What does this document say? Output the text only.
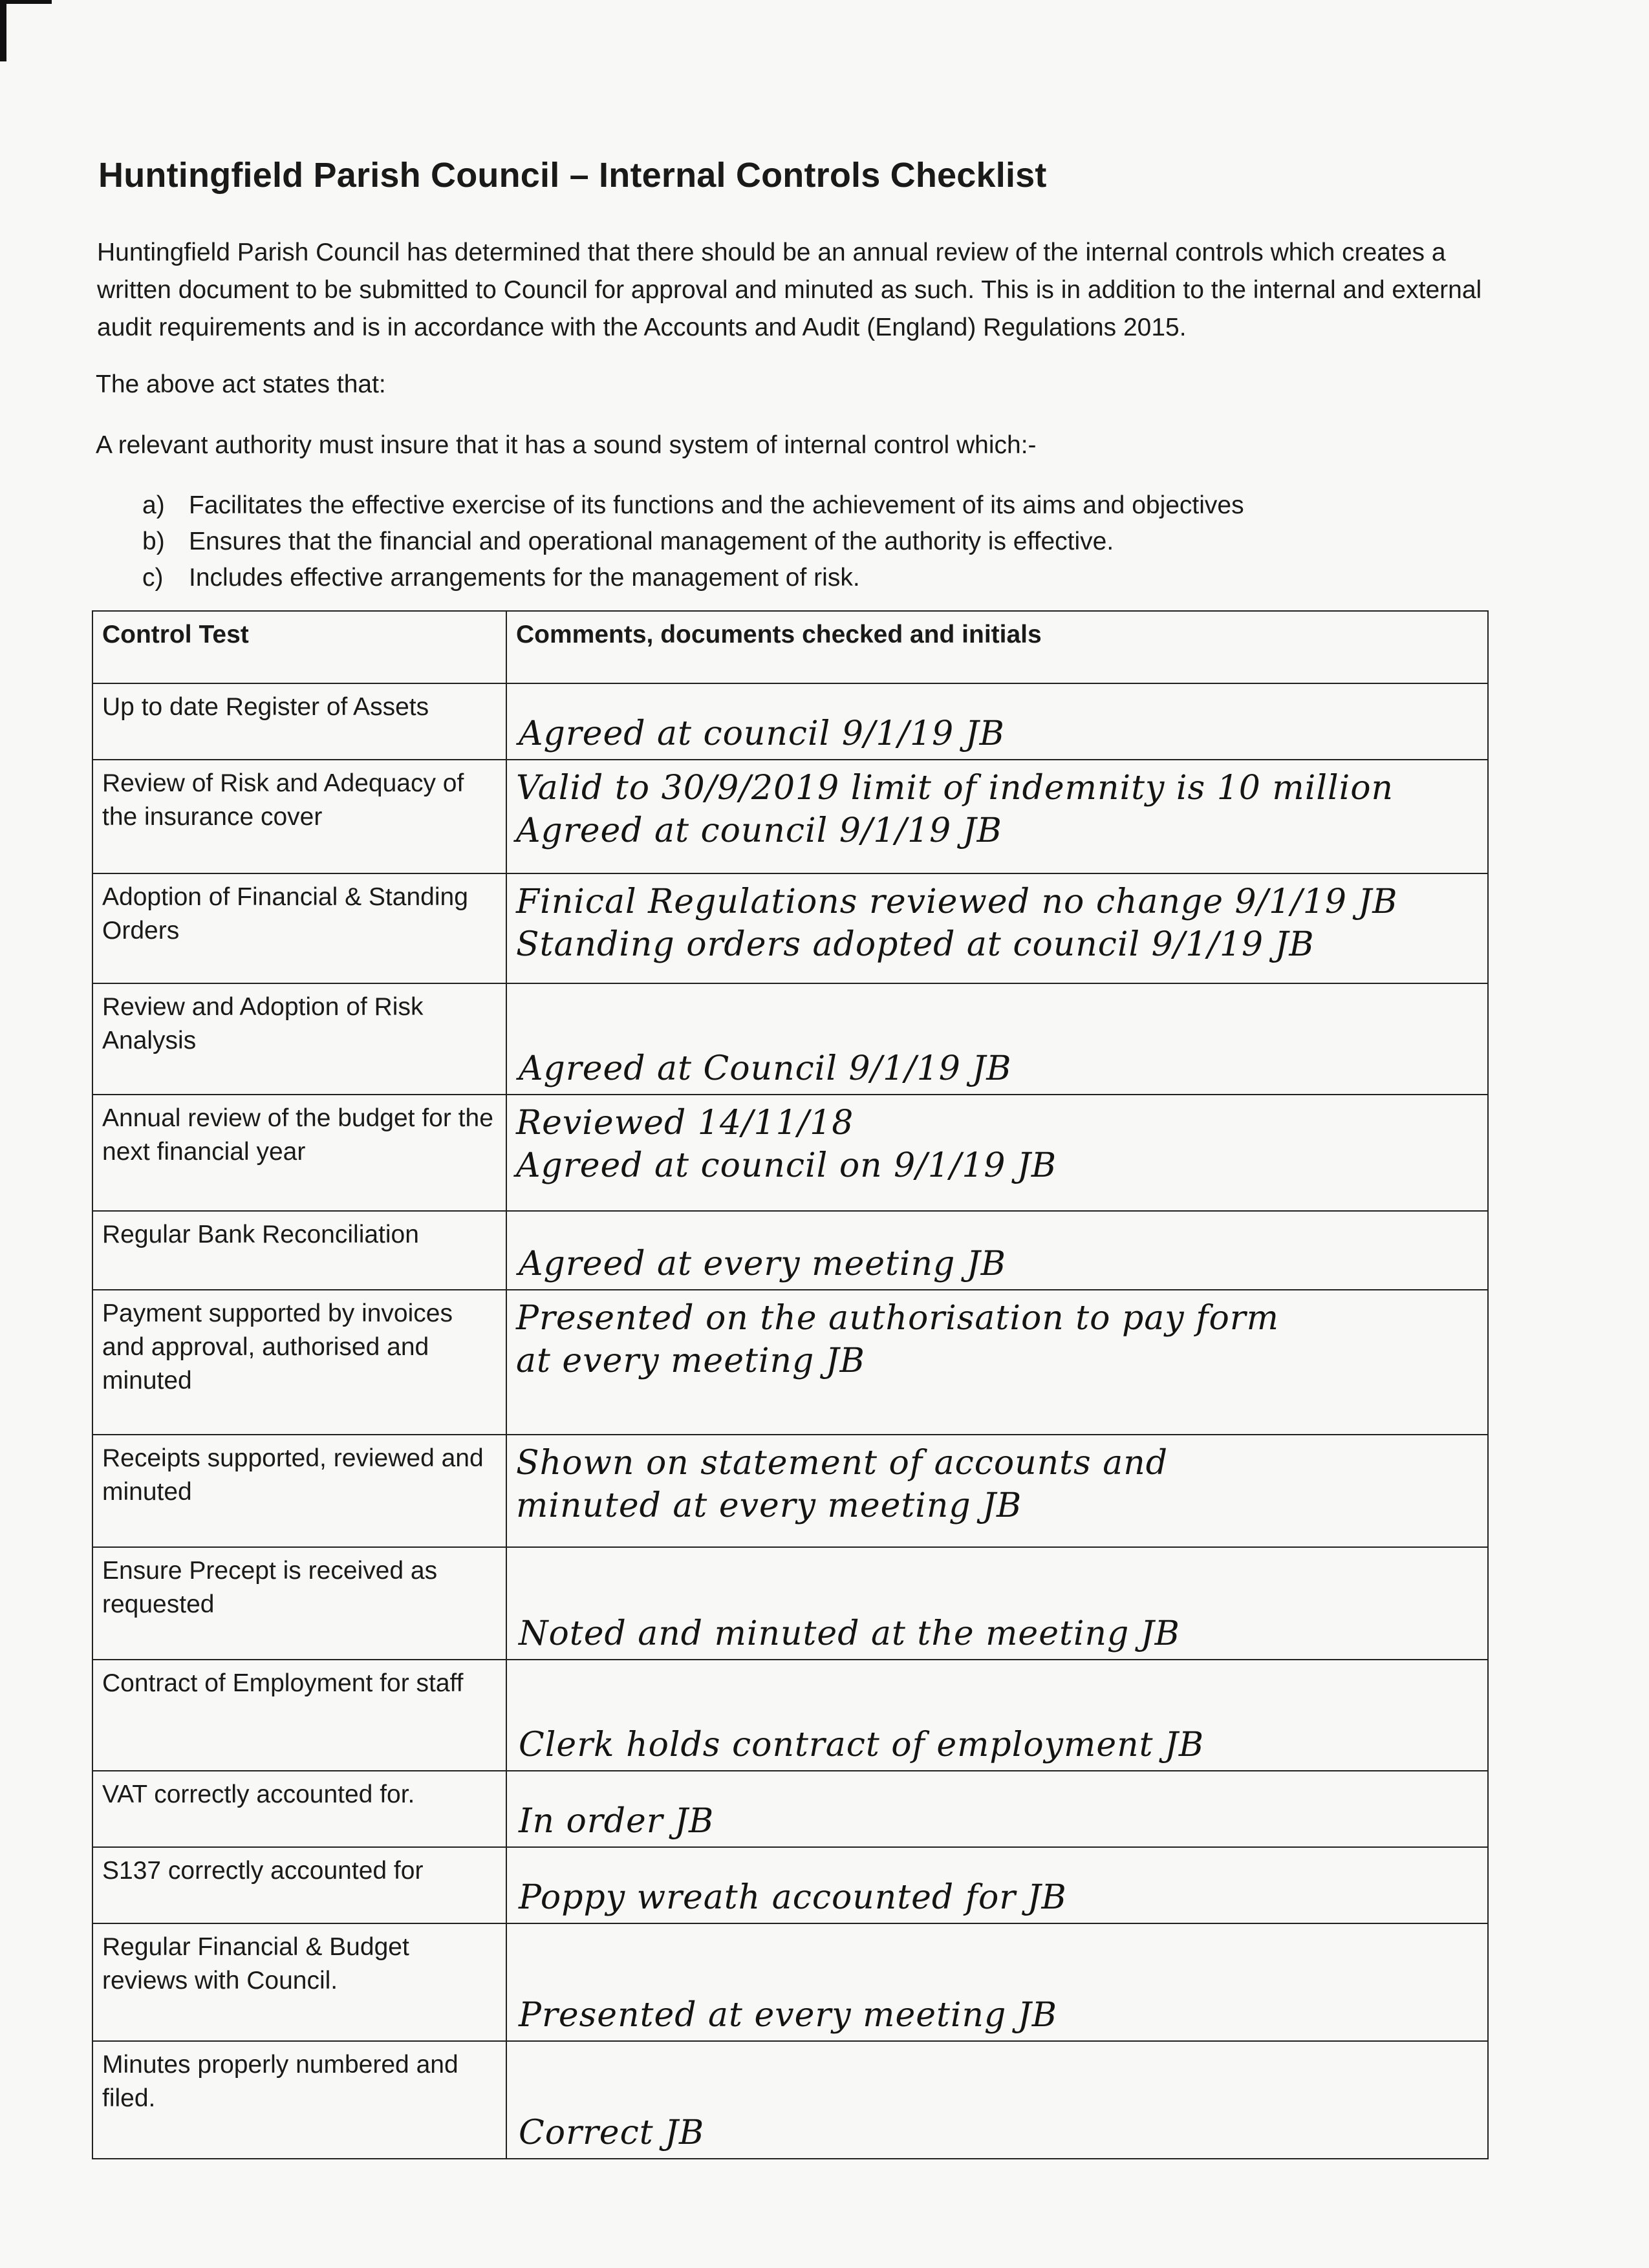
Huntingfield Parish Council – Internal Controls Checklist

Huntingfield Parish Council has determined that there should be an annual review of the internal controls which creates a written document to be submitted to Council for approval and minuted as such. This is in addition to the internal and external audit requirements and is in accordance with the Accounts and Audit (England) Regulations 2015.

The above act states that:

A relevant authority must insure that it has a sound system of internal control which:-

a) Facilitates the effective exercise of its functions and the achievement of its aims and objectives
b) Ensures that the financial and operational management of the authority is effective.
c)	Includes effective arrangements for the management of risk.
Control Test	Comments, documents checked and initials
Up to date Register of Assets	Agreed at council 9/1/19 JB

Review of Risk and Adequacy of the insurance cover	Valid to 30/9/2019 limit of indemnity is 10 million
Agreed at council 9/1/19 JB

Adoption of Financial & Standing Orders	Finical Regulations reviewed no change 9/1/19 JB
Standing orders adopted at council 9/1/19 JB

Review and Adoption of Risk Analysis	Agreed at Council 9/1/19 JB

Annual review of the budget for the next financial year	Reviewed 14/11/18
Agreed at council on 9/1/19 JB

Regular Bank Reconciliation	Agreed at every meeting JB

Payment supported by invoices and approval, authorised and minuted	Presented on the authorisation to pay form
at every meeting JB

Receipts supported, reviewed and minuted	Shown on statement of accounts and
minuted at every meeting JB

Ensure Precept is received as requested	Noted and minuted at the meeting JB

Contract of Employment for staff	Clerk holds contract of employment JB

VAT correctly accounted for.	In order JB

S137 correctly accounted for	Poppy wreath accounted for JB

Regular Financial & Budget reviews with Council.	Presented at every meeting JB

Minutes properly numbered and filed.	Correct JB
